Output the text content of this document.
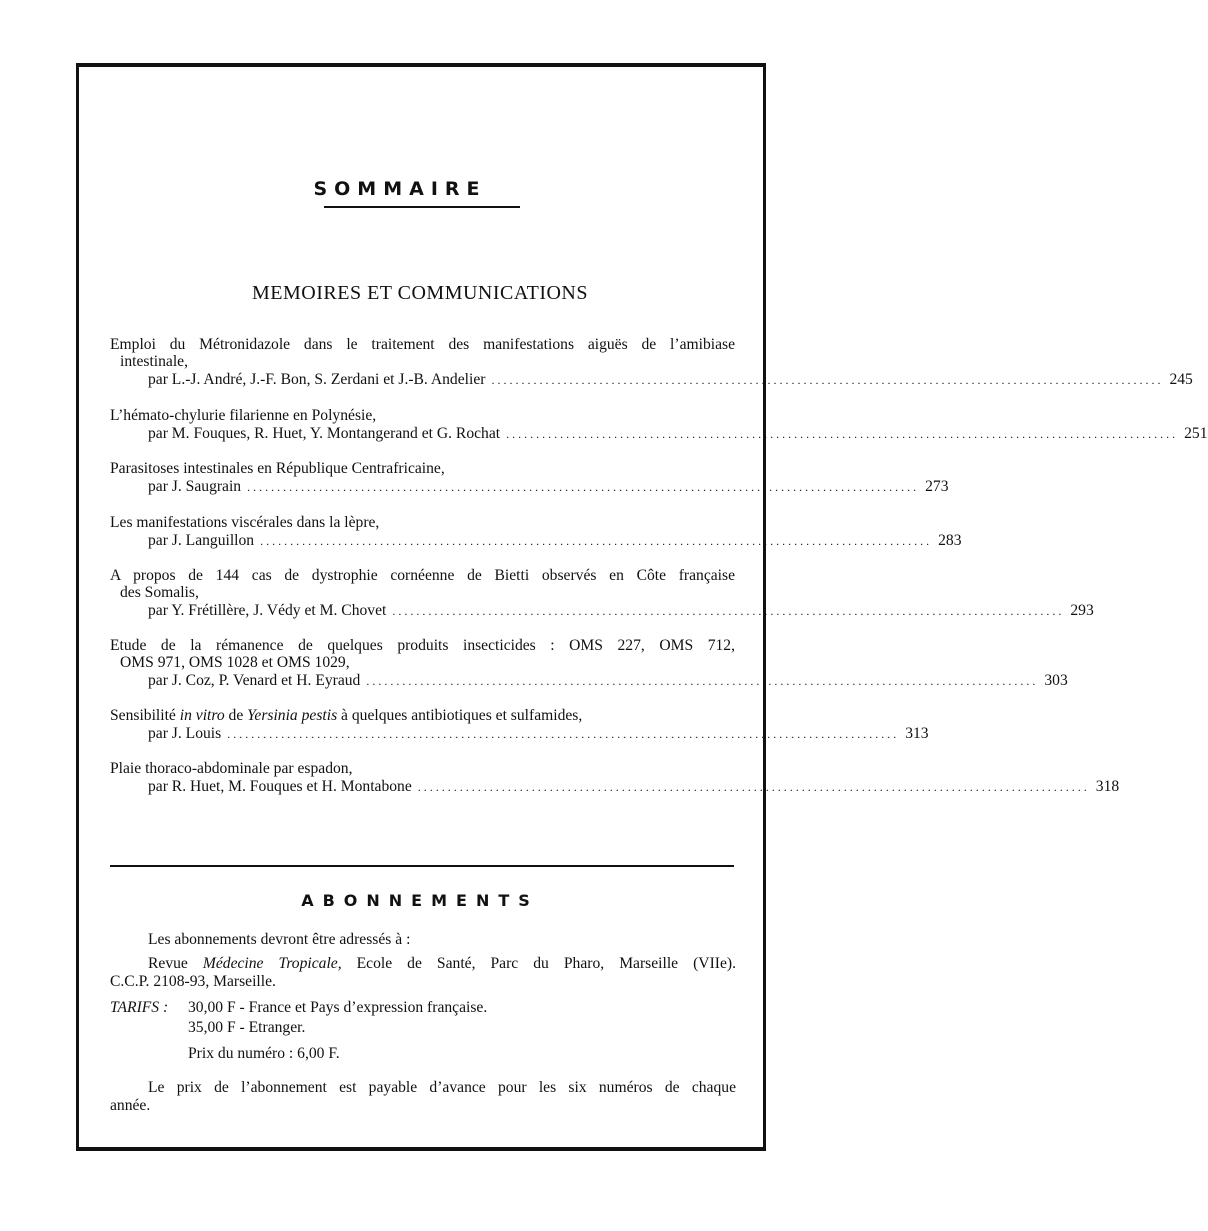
SOMMAIRE
MEMOIRES ET COMMUNICATIONS
Emploi du Métronidazole dans le traitement des manifestations aiguës de l’amibiase
intestinale,
par L.-J. André, J.-F. Bon, S. Zerdani et J.-B. Andelier ................................................................................................................ 245
L’hémato-chylurie filarienne en Polynésie,
par M. Fouques, R. Huet, Y. Montangerand et G. Rochat ................................................................................................................ 251
Parasitoses intestinales en République Centrafricaine,
par J. Saugrain ................................................................................................................ 273
Les manifestations viscérales dans la lèpre,
par J. Languillon ................................................................................................................ 283
A propos de 144 cas de dystrophie cornéenne de Bietti observés en Côte française
des Somalis,
par Y. Frétillère, J. Védy et M. Chovet ................................................................................................................ 293
Etude de la rémanence de quelques produits insecticides : OMS 227, OMS 712,
OMS 971, OMS 1028 et OMS 1029,
par J. Coz, P. Venard et H. Eyraud ................................................................................................................ 303
Sensibilité in vitro de Yersinia pestis à quelques antibiotiques et sulfamides,
par J. Louis ................................................................................................................ 313
Plaie thoraco-abdominale par espadon,
par R. Huet, M. Fouques et H. Montabone ................................................................................................................ 318
ABONNEMENTS
Les abonnements devront être adressés à :
Revue Médecine Tropicale, Ecole de Santé, Parc du Pharo, Marseille (VIIe).
C.C.P. 2108-93, Marseille.
TARIFS : 30,00 F - France et Pays d’expression française.
35,00 F - Etranger.
Prix du numéro : 6,00 F.
Le prix de l’abonnement est payable d’avance pour les six numéros de chaque
année.
